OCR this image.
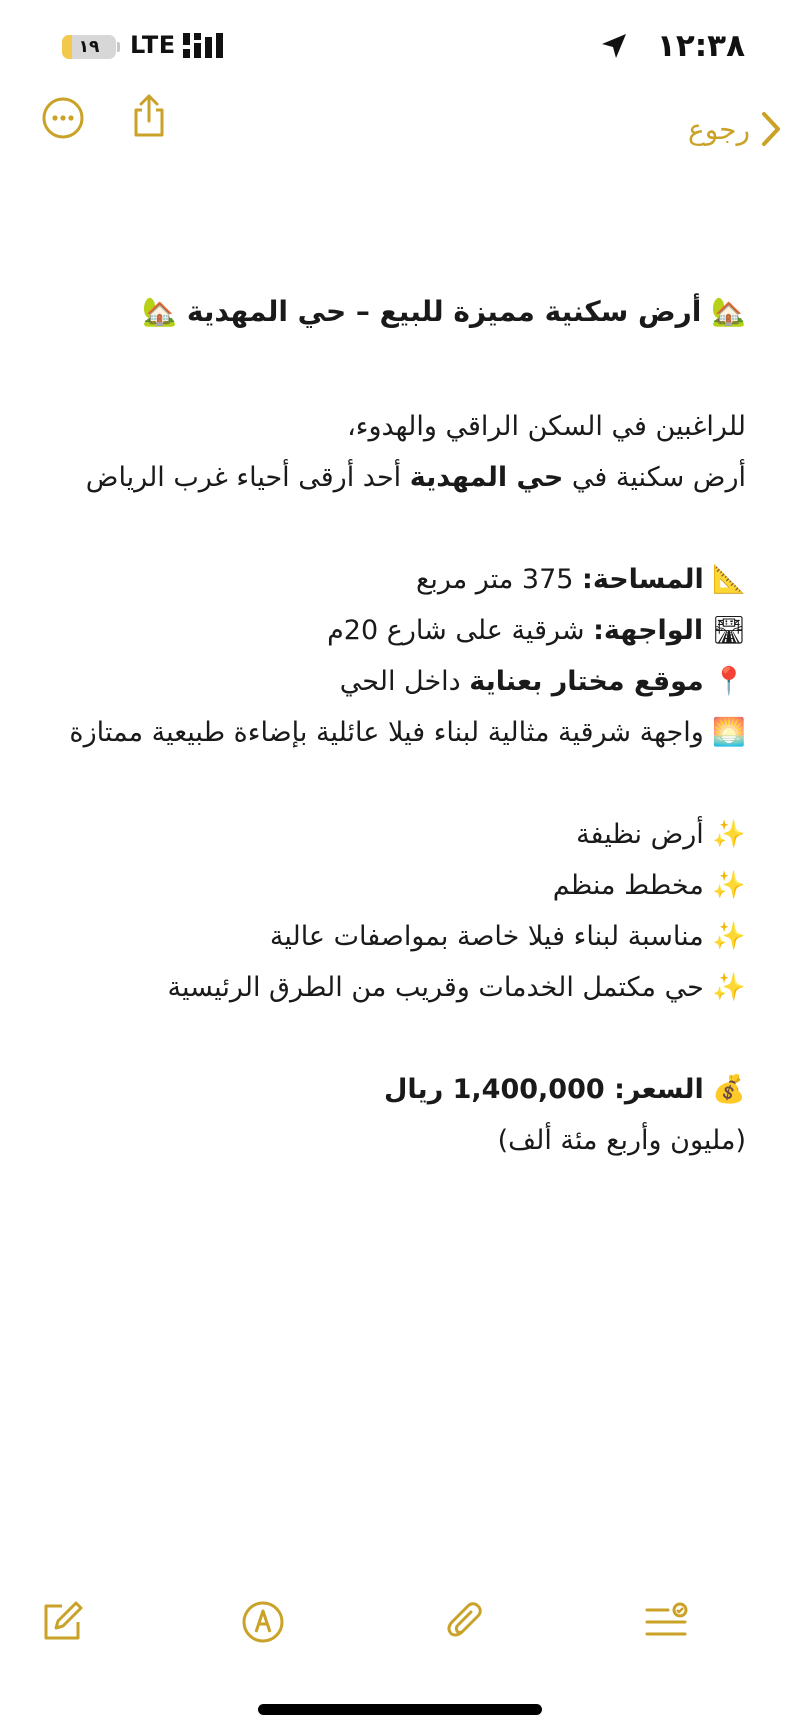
١٩	LTE	١٢:٣٨
رجوع
🏡 أرض سكنية مميزة للبيع – حي المهدية 🏡
للراغبين في السكن الراقي والهدوء،
أرض سكنية في حي المهدية أحد أرقى أحياء غرب الرياض
📐 المساحة: 375 متر مربع
🛣 الواجهة: شرقية على شارع 20م
📍 موقع مختار بعناية داخل الحي
🌅 واجهة شرقية مثالية لبناء فيلا عائلية بإضاءة طبيعية ممتازة
✨ أرض نظيفة
✨ مخطط منظم
✨ مناسبة لبناء فيلا خاصة بمواصفات عالية
✨ حي مكتمل الخدمات وقريب من الطرق الرئيسية
💰 السعر: 1,400,000 ريال
(مليون وأربع مئة ألف)
